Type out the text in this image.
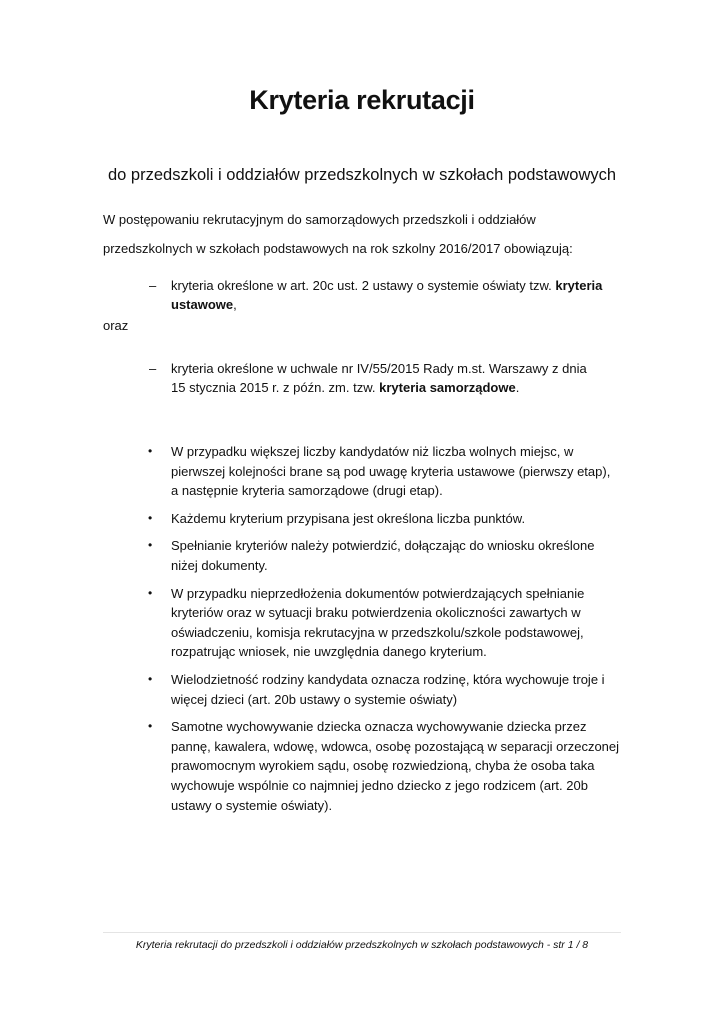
Kryteria rekrutacji

do przedszkoli i oddziałów przedszkolnych w szkołach podstawowych

W postępowaniu rekrutacyjnym do samorządowych przedszkoli i oddziałów
przedszkolnych w szkołach podstawowych na rok szkolny 2016/2017 obowiązują:
– kryteria określone w art. 20c ust. 2 ustawy o systemie oświaty tzw. kryteria ustawowe,

oraz

– kryteria określone w uchwale nr IV/55/2015 Rady m.st. Warszawy z dnia
15 stycznia 2015 r. z późn. zm. tzw. kryteria samorządowe.
• W przypadku większej liczby kandydatów niż liczba wolnych miejsc, w pierwszej kolejności brane są pod uwagę kryteria ustawowe (pierwszy etap), a następnie kryteria samorządowe (drugi etap).
• Każdemu kryterium przypisana jest określona liczba punktów.
• Spełnianie kryteriów należy potwierdzić, dołączając do wniosku określone niżej dokumenty.
• W przypadku nieprzedłożenia dokumentów potwierdzających spełnianie kryteriów oraz w sytuacji braku potwierdzenia okoliczności zawartych w oświadczeniu, komisja rekrutacyjna w przedszkolu/szkole podstawowej, rozpatrując wniosek, nie uwzględnia danego kryterium.
• Wielodzietność rodziny kandydata oznacza rodzinę, która wychowuje troje i więcej dzieci (art. 20b ustawy o systemie oświaty)
• Samotne wychowywanie dziecka oznacza wychowywanie dziecka przez pannę, kawalera, wdowę, wdowca, osobę pozostającą w separacji orzeczonej prawomocnym wyrokiem sądu, osobę rozwiedzioną, chyba że osoba taka wychowuje wspólnie co najmniej jedno dziecko z jego rodzicem (art. 20b ustawy o systemie oświaty).
Kryteria rekrutacji do przedszkoli i oddziałów przedszkolnych w szkołach podstawowych - str 1 / 8
